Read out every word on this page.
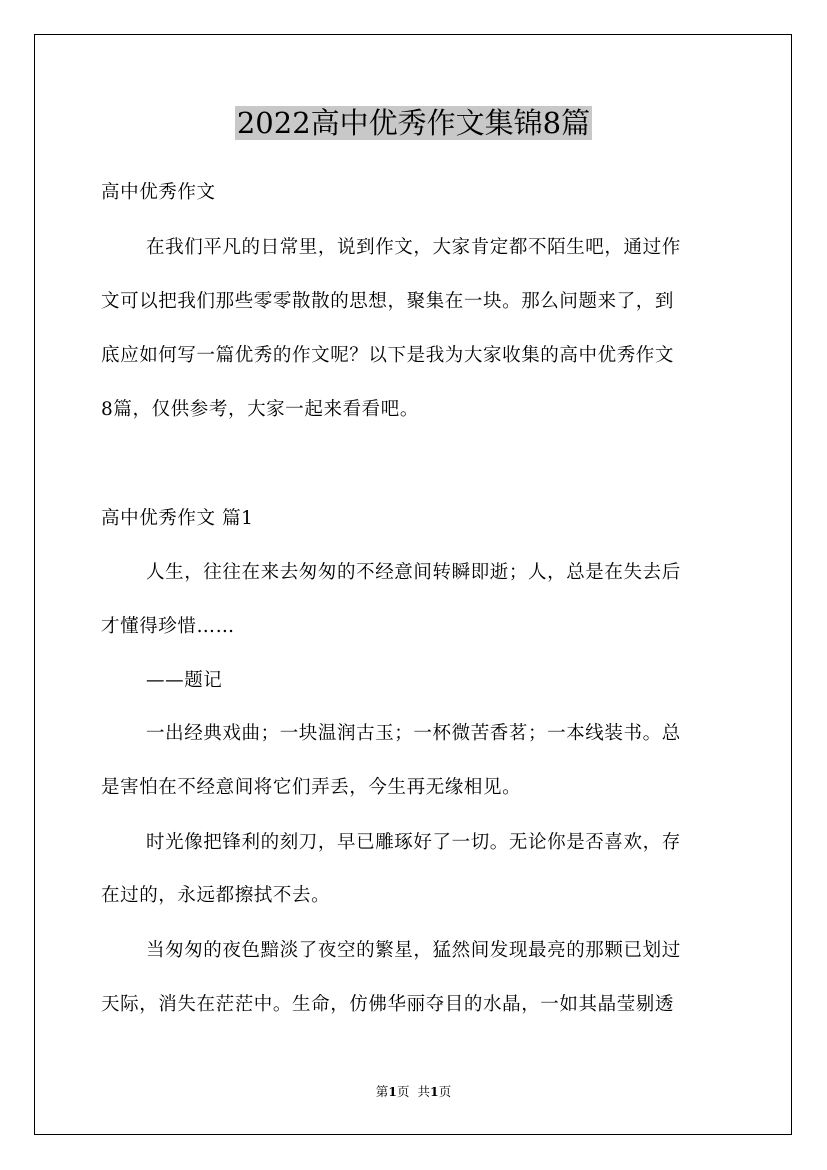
2022高中优秀作文集锦8篇

高中优秀作文

在我们平凡的日常里，说到作文，大家肯定都不陌生吧，通过作

文可以把我们那些零零散散的思想，聚集在一块。那么问题来了，到

底应如何写一篇优秀的作文呢？以下是我为大家收集的高中优秀作文

8篇，仅供参考，大家一起来看看吧。

高中优秀作文 篇1

人生，往往在来去匆匆的不经意间转瞬即逝；人，总是在失去后

才懂得珍惜……

——题记

一出经典戏曲；一块温润古玉；一杯微苦香茗；一本线装书。总

是害怕在不经意间将它们弄丢，今生再无缘相见。

时光像把锋利的刻刀，早已雕琢好了一切。无论你是否喜欢，存

在过的，永远都擦拭不去。

当匆匆的夜色黯淡了夜空的繁星，猛然间发现最亮的那颗已划过

天际，消失在茫茫中。生命，仿佛华丽夺目的水晶，一如其晶莹剔透

第1页 共1页
